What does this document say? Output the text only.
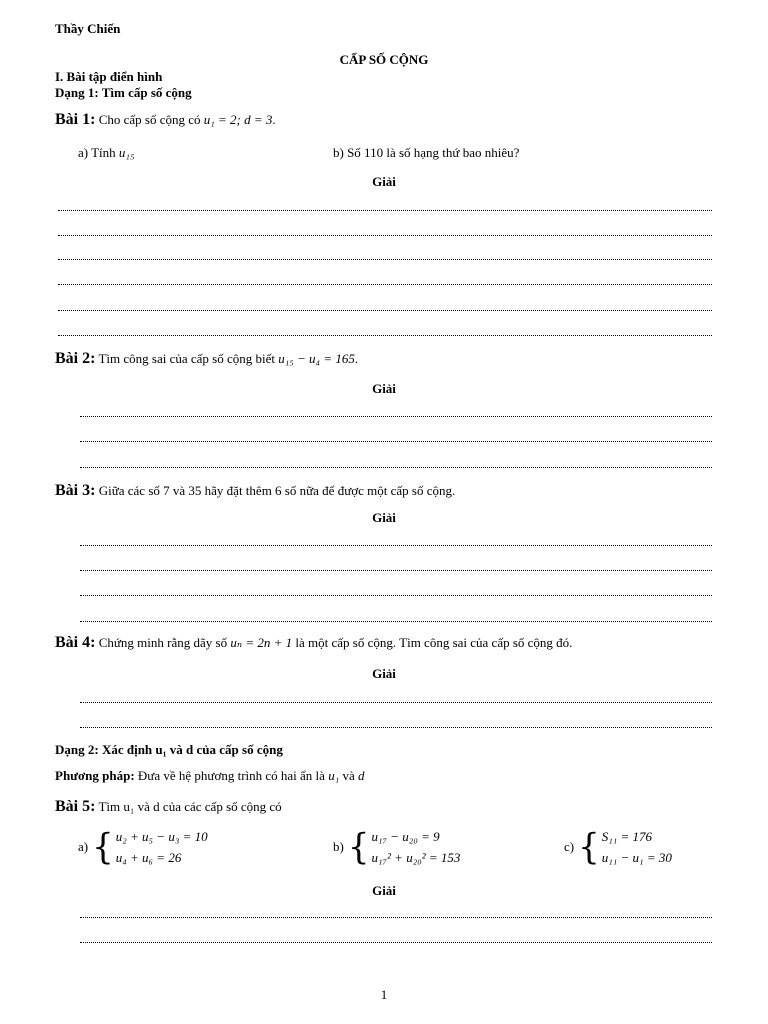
Thầy Chiến
CẤP SỐ CỘNG
I. Bài tập điển hình
Dạng 1: Tìm cấp số cộng
Bài 1: Cho cấp số cộng có u₁ = 2; d = 3.
a) Tính u₁₅	b) Số 110 là số hạng thứ bao nhiêu?
Giải
Bài 2: Tìm công sai của cấp số cộng biết u₁₅ − u₄ = 165.
Giải
Bài 3: Giữa các số 7 và 35 hãy đặt thêm 6 số nữa để được một cấp số cộng.
Giải
Bài 4: Chứng minh rằng dãy số uₙ = 2n + 1 là một cấp số cộng. Tìm công sai của cấp số cộng đó.
Giải
Dạng 2: Xác định u₁ và d của cấp số cộng
Phương pháp: Đưa về hệ phương trình có hai ẩn là u₁ và d
Bài 5: Tìm u₁ và d của các cấp số cộng có
a) { u₂ + u₅ − u₃ = 10
u₄ + u₆ = 26
b) { u₁₇ − u₂₀ = 9
u₁₇² + u₂₀² = 153
c) { S₁₁ = 176
u₁₁ − u₁ = 30
Giải
1
